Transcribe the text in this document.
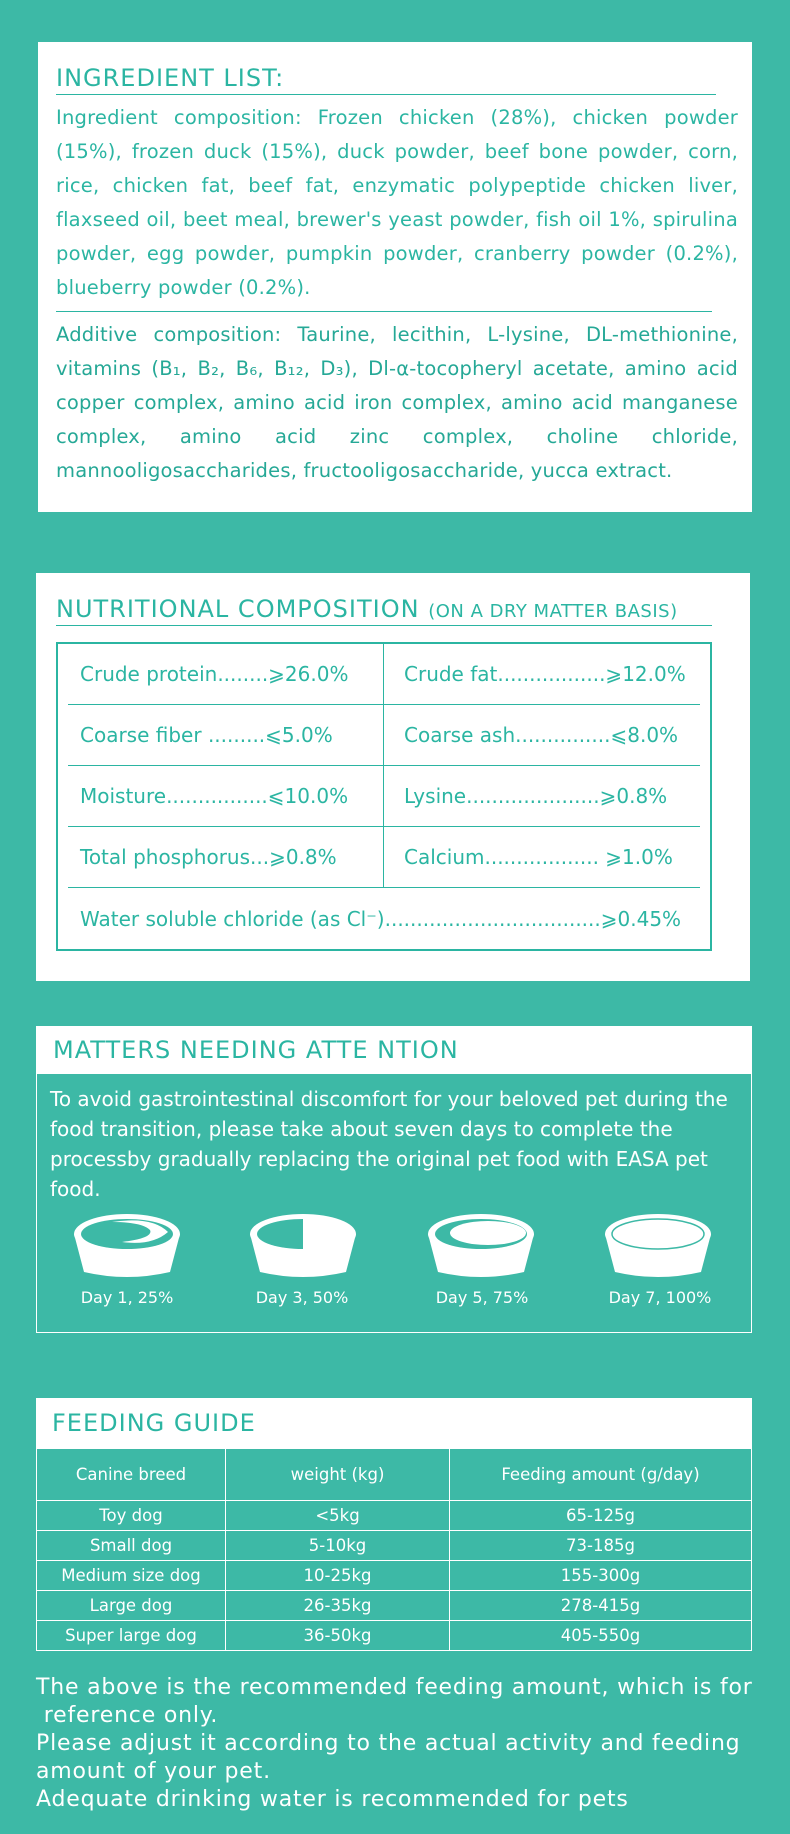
INGREDIENT LIST:

Ingredient composition: Frozen chicken (28%), chicken powder (15%), frozen duck (15%), duck powder, beef bone powder, corn, rice, chicken fat, beef fat, enzymatic polypeptide chicken liver, flaxseed oil, beet meal, brewer's yeast powder, fish oil 1%, spirulina powder, egg powder, pumpkin powder, cranberry powder (0.2%), blueberry powder (0.2%).

Additive composition: Taurine, lecithin, L-lysine, DL-methionine, vitamins (B₁, B₂, B₆, B₁₂, D₃), Dl-α-tocopheryl acetate, amino acid copper complex, amino acid iron complex, amino acid manganese complex, amino acid zinc complex, choline chloride, mannooligosaccharides, fructooligosaccharide, yucca extract.

NUTRITIONAL COMPOSITION (ON A DRY MATTER BASIS)
Crude protein........⩾26.0%	Crude fat.................⩾12.0%
Coarse fiber .........⩽5.0%	Coarse ash...............⩽8.0%
Moisture................⩽10.0%	Lysine.....................⩾0.8%
Total phosphorus...⩾0.8%	Calcium.................. ⩾1.0%
Water soluble chloride (as Cl⁻)..................................⩾0.45%
MATTERS NEEDING ATTE NTION

To avoid gastrointestinal discomfort for your beloved pet during the food transition, please take about seven days to complete the processby gradually replacing the original pet food with EASA pet food.

Day 1, 25%	Day 3, 50%	Day 5, 75%	Day 7, 100%
FEEDING GUIDE
Canine breed	weight (kg)	Feeding amount (g/day)
Toy dog	<5kg	65-125g
Small dog	5-10kg	73-185g
Medium size dog	10-25kg	155-300g
Large dog	26-35kg	278-415g
Super large dog	36-50kg	405-550g
The above is the recommended feeding amount, which is for
reference only.
Please adjust it according to the actual activity and feeding
amount of your pet.
Adequate drinking water is recommended for pets
